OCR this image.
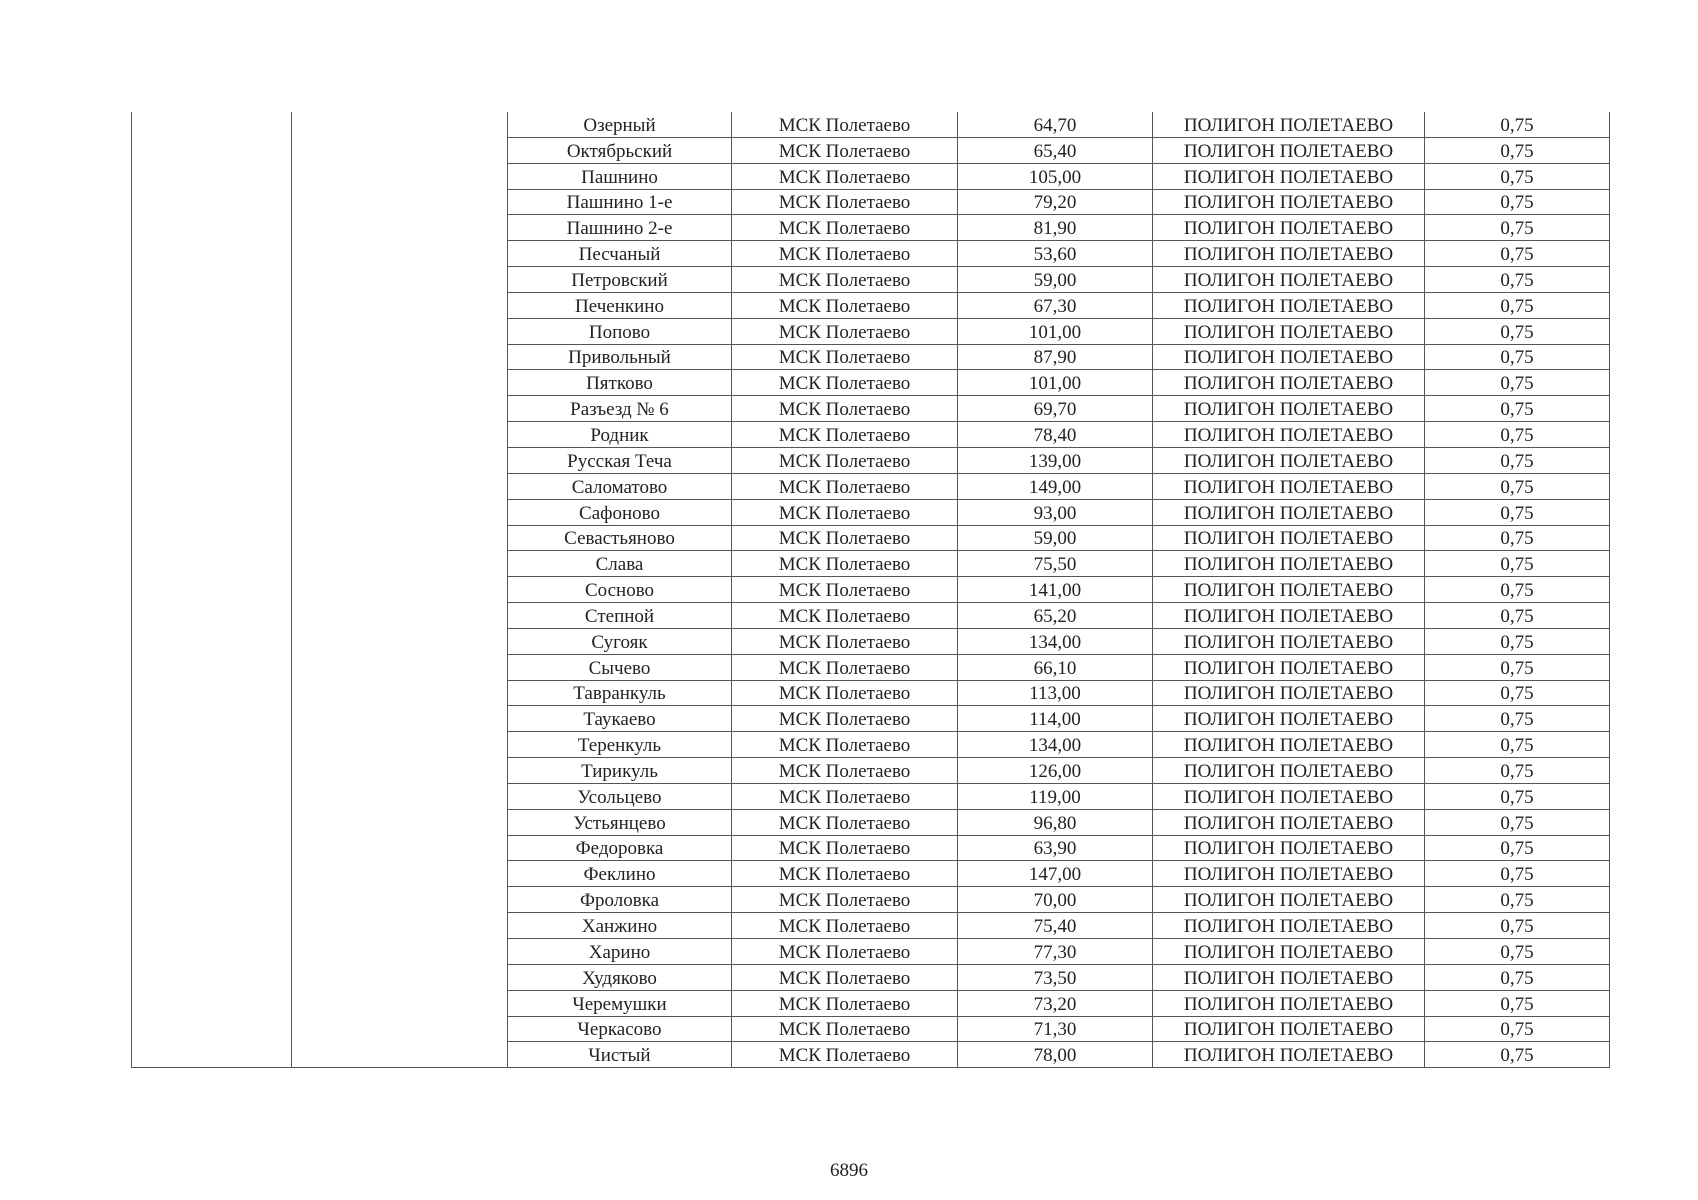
		Озерный	МСК Полетаево	64,70	ПОЛИГОН ПОЛЕТАЕВО	0,75
		Октябрьский	МСК Полетаево	65,40	ПОЛИГОН ПОЛЕТАЕВО	0,75
		Пашнино	МСК Полетаево	105,00	ПОЛИГОН ПОЛЕТАЕВО	0,75
		Пашнино 1-е	МСК Полетаево	79,20	ПОЛИГОН ПОЛЕТАЕВО	0,75
		Пашнино 2-е	МСК Полетаево	81,90	ПОЛИГОН ПОЛЕТАЕВО	0,75
		Песчаный	МСК Полетаево	53,60	ПОЛИГОН ПОЛЕТАЕВО	0,75
		Петровский	МСК Полетаево	59,00	ПОЛИГОН ПОЛЕТАЕВО	0,75
		Печенкино	МСК Полетаево	67,30	ПОЛИГОН ПОЛЕТАЕВО	0,75
		Попово	МСК Полетаево	101,00	ПОЛИГОН ПОЛЕТАЕВО	0,75
		Привольный	МСК Полетаево	87,90	ПОЛИГОН ПОЛЕТАЕВО	0,75
		Пятково	МСК Полетаево	101,00	ПОЛИГОН ПОЛЕТАЕВО	0,75
		Разъезд № 6	МСК Полетаево	69,70	ПОЛИГОН ПОЛЕТАЕВО	0,75
		Родник	МСК Полетаево	78,40	ПОЛИГОН ПОЛЕТАЕВО	0,75
		Русская Теча	МСК Полетаево	139,00	ПОЛИГОН ПОЛЕТАЕВО	0,75
		Саломатово	МСК Полетаево	149,00	ПОЛИГОН ПОЛЕТАЕВО	0,75
		Сафоново	МСК Полетаево	93,00	ПОЛИГОН ПОЛЕТАЕВО	0,75
		Севастьяново	МСК Полетаево	59,00	ПОЛИГОН ПОЛЕТАЕВО	0,75
		Слава	МСК Полетаево	75,50	ПОЛИГОН ПОЛЕТАЕВО	0,75
		Сосново	МСК Полетаево	141,00	ПОЛИГОН ПОЛЕТАЕВО	0,75
		Степной	МСК Полетаево	65,20	ПОЛИГОН ПОЛЕТАЕВО	0,75
		Сугояк	МСК Полетаево	134,00	ПОЛИГОН ПОЛЕТАЕВО	0,75
		Сычево	МСК Полетаево	66,10	ПОЛИГОН ПОЛЕТАЕВО	0,75
		Тавранкуль	МСК Полетаево	113,00	ПОЛИГОН ПОЛЕТАЕВО	0,75
		Таукаево	МСК Полетаево	114,00	ПОЛИГОН ПОЛЕТАЕВО	0,75
		Теренкуль	МСК Полетаево	134,00	ПОЛИГОН ПОЛЕТАЕВО	0,75
		Тирикуль	МСК Полетаево	126,00	ПОЛИГОН ПОЛЕТАЕВО	0,75
		Усольцево	МСК Полетаево	119,00	ПОЛИГОН ПОЛЕТАЕВО	0,75
		Устьянцево	МСК Полетаево	96,80	ПОЛИГОН ПОЛЕТАЕВО	0,75
		Федоровка	МСК Полетаево	63,90	ПОЛИГОН ПОЛЕТАЕВО	0,75
		Феклино	МСК Полетаево	147,00	ПОЛИГОН ПОЛЕТАЕВО	0,75
		Фроловка	МСК Полетаево	70,00	ПОЛИГОН ПОЛЕТАЕВО	0,75
		Ханжино	МСК Полетаево	75,40	ПОЛИГОН ПОЛЕТАЕВО	0,75
		Харино	МСК Полетаево	77,30	ПОЛИГОН ПОЛЕТАЕВО	0,75
		Худяково	МСК Полетаево	73,50	ПОЛИГОН ПОЛЕТАЕВО	0,75
		Черемушки	МСК Полетаево	73,20	ПОЛИГОН ПОЛЕТАЕВО	0,75
		Черкасово	МСК Полетаево	71,30	ПОЛИГОН ПОЛЕТАЕВО	0,75
		Чистый	МСК Полетаево	78,00	ПОЛИГОН ПОЛЕТАЕВО	0,75
6896
